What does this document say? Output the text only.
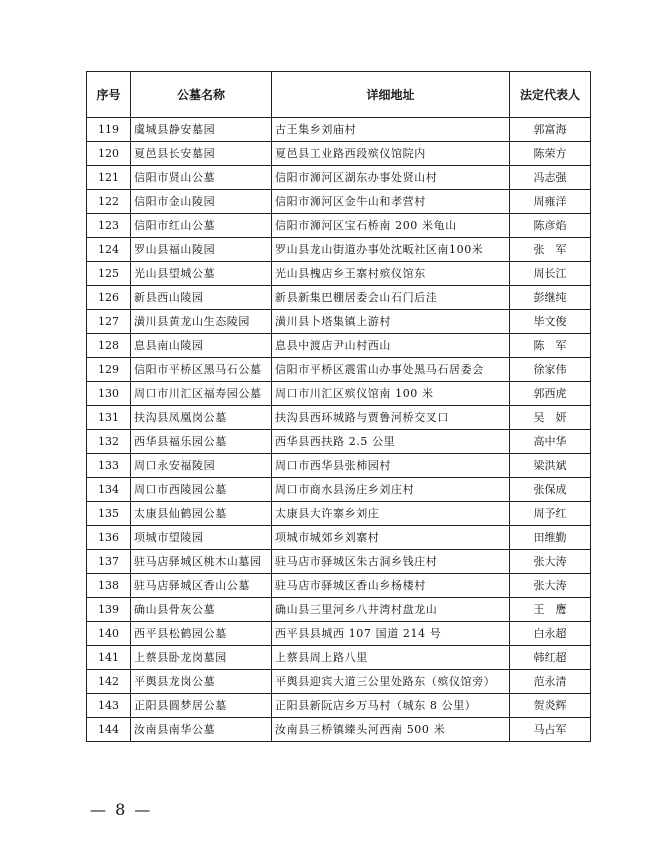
序号	公墓名称	详细地址	法定代表人
119	虞城县静安墓园	古王集乡刘庙村	郭富海
120	夏邑县长安墓园	夏邑县工业路西段殡仪馆院内	陈荣方
121	信阳市贤山公墓	信阳市浉河区湖东办事处贤山村	冯志强
122	信阳市金山陵园	信阳市浉河区金牛山和孝营村	周雍洋
123	信阳市红山公墓	信阳市浉河区宝石桥南 200 米龟山	陈彦焰
124	罗山县福山陵园	罗山县龙山街道办事处沈畈社区南100米	张　军
125	光山县望城公墓	光山县槐店乡王寨村殡仪馆东	周长江
126	新县西山陵园	新县新集巴棚居委会山石门后洼	彭继纯
127	潢川县黄龙山生态陵园	潢川县卜塔集镇上游村	毕文俊
128	息县南山陵园	息县中渡店尹山村西山	陈　军
129	信阳市平桥区黑马石公墓	信阳市平桥区震雷山办事处黑马石居委会	徐家伟
130	周口市川汇区福寿园公墓	周口市川汇区殡仪馆南 100 米	郭西虎
131	扶沟县凤凰岗公墓	扶沟县西环城路与贾鲁河桥交叉口	吴　妍
132	西华县福乐园公墓	西华县西扶路 2.5 公里	高中华
133	周口永安福陵园	周口市西华县张柿园村	梁洪斌
134	周口市西陵园公墓	周口市商水县汤庄乡刘庄村	张保成
135	太康县仙鹤园公墓	太康县大许寨乡刘庄	周予红
136	项城市望陵园	项城市城郊乡刘寨村	田维勤
137	驻马店驿城区桃木山墓园	驻马店市驿城区朱古洞乡钱庄村	张大涛
138	驻马店驿城区香山公墓	驻马店市驿城区香山乡杨楼村	张大涛
139	确山县骨灰公墓	确山县三里河乡八井湾村盘龙山	王　鹰
140	西平县松鹤园公墓	西平县县城西 107 国道 214 号	白永超
141	上蔡县卧龙岗墓园	上蔡县周上路八里	韩红超
142	平舆县龙岗公墓	平舆县迎宾大道三公里处路东（殡仪馆旁）	范永清
143	正阳县圆梦居公墓	正阳县新阮店乡万马村（城东 8 公里）	贺炎辉
144	汝南县南华公墓	汝南县三桥镇臻头河西南 500 米	马占军
— 8 —
